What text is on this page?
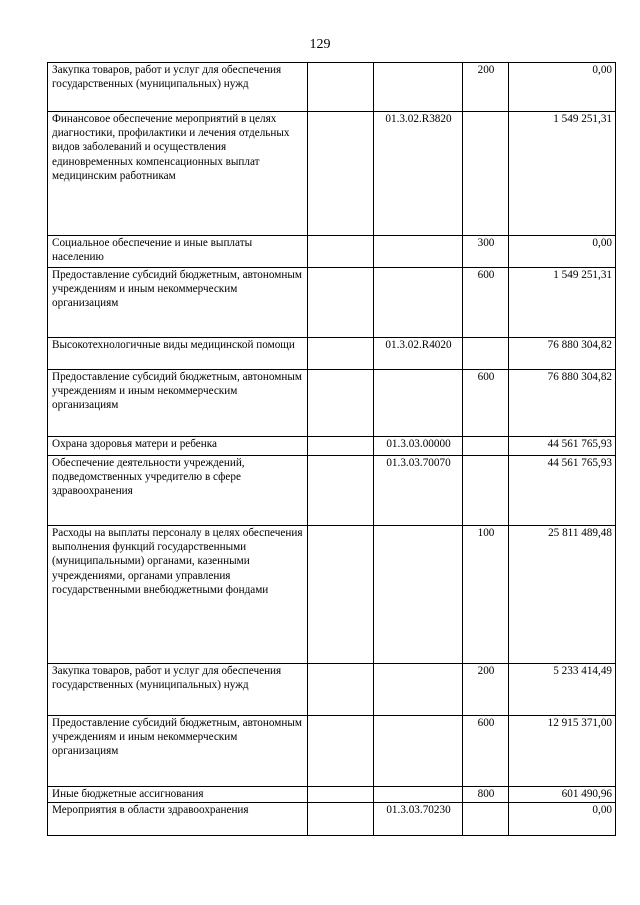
129
Закупка товаров, работ и услуг для обеспечения государственных (муниципальных) нужд			200	0,00
Финансовое обеспечение мероприятий в целях диагностики, профилактики и лечения отдельных видов заболеваний и осуществления единовременных компенсационных выплат медицинским работникам		01.3.02.R3820		1 549 251,31
Социальное обеспечение и иные выплаты населению			300	0,00
Предоставление субсидий бюджетным, автономным учреждениям и иным некоммерческим организациям			600	1 549 251,31
Высокотехнологичные виды медицинской помощи		01.3.02.R4020		76 880 304,82
Предоставление субсидий бюджетным, автономным учреждениям и иным некоммерческим организациям			600	76 880 304,82
Охрана здоровья матери и ребенка		01.3.03.00000		44 561 765,93
Обеспечение деятельности учреждений, подведомственных учредителю в сфере здравоохранения		01.3.03.70070		44 561 765,93
Расходы на выплаты персоналу в целях обеспечения выполнения функций государственными (муниципальными) органами, казенными учреждениями, органами управления государственными внебюджетными фондами			100	25 811 489,48
Закупка товаров, работ и услуг для обеспечения государственных (муниципальных) нужд			200	5 233 414,49
Предоставление субсидий бюджетным, автономным учреждениям и иным некоммерческим организациям			600	12 915 371,00
Иные бюджетные ассигнования			800	601 490,96
Мероприятия в области здравоохранения		01.3.03.70230		0,00
